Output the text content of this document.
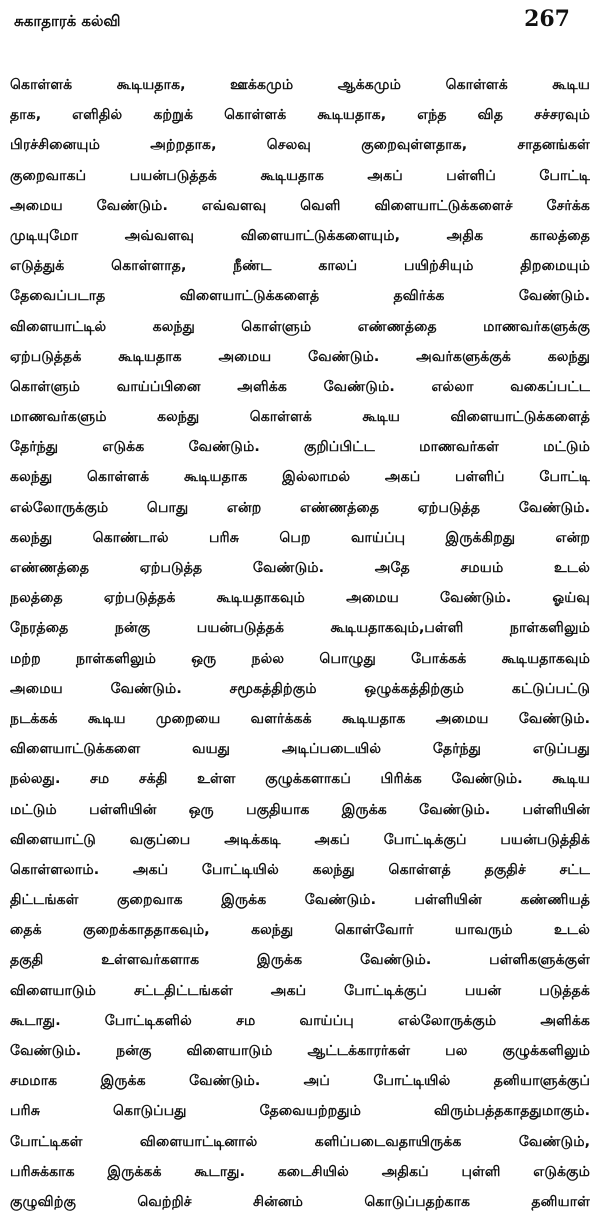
சுகாதாரக் கல்வி	267
கொள்ளக் கூடியதாக, ஊக்கமும் ஆக்கமும் கொள்ளக் கூடிய
தாக, எளிதில் கற்றுக் கொள்ளக் கூடியதாக, எந்த வித சச்சரவும்
பிரச்சினையும் அற்றதாக, செலவு குறைவுள்ளதாக, சாதனங்கள்
குறைவாகப் பயன்படுத்தக் கூடியதாக அகப் பள்ளிப் போட்டி
அமைய வேண்டும். எவ்வளவு வெளி விளையாட்டுக்களைச் சேர்க்க
முடியுமோ அவ்வளவு விளையாட்டுக்களையும், அதிக காலத்தை
எடுத்துக் கொள்ளாத, நீண்ட காலப் பயிற்சியும் திறமையும்
தேவைப்படாத விளையாட்டுக்களைத் தவிர்க்க வேண்டும்.
விளையாட்டில் கலந்து கொள்ளும் எண்ணத்தை மாணவர்களுக்கு
ஏற்படுத்தக் கூடியதாக அமைய வேண்டும். அவர்களுக்குக் கலந்து
கொள்ளும் வாய்ப்பினை அளிக்க வேண்டும். எல்லா வகைப்பட்ட
மாணவர்களும் கலந்து கொள்ளக் கூடிய விளையாட்டுக்களைத்
தேர்ந்து எடுக்க வேண்டும். குறிப்பிட்ட மாணவர்கள் மட்டும்
கலந்து கொள்ளக் கூடியதாக இல்லாமல் அகப் பள்ளிப் போட்டி
எல்லோருக்கும் பொது என்ற எண்ணத்தை ஏற்படுத்த வேண்டும்.
கலந்து கொண்டால் பரிசு பெற வாய்ப்பு இருக்கிறது என்ற
எண்ணத்தை ஏற்படுத்த வேண்டும். அதே சமயம் உடல்
நலத்தை ஏற்படுத்தக் கூடியதாகவும் அமைய வேண்டும். ஓய்வு
நேரத்தை நன்கு பயன்படுத்தக் கூடியதாகவும்,பள்ளி நாள்களிலும்
மற்ற நாள்களிலும் ஒரு நல்ல பொழுது போக்கக் கூடியதாகவும்
அமைய வேண்டும். சமூகத்திற்கும் ஒழுக்கத்திற்கும் கட்டுப்பட்டு
நடக்கக் கூடிய முறையை வளர்க்கக் கூடியதாக அமைய வேண்டும்.
விளையாட்டுக்களை வயது அடிப்படையில் தேர்ந்து எடுப்பது
நல்லது. சம சக்தி உள்ள குழுக்களாகப் பிரிக்க வேண்டும். கூடிய
மட்டும் பள்ளியின் ஒரு பகுதியாக இருக்க வேண்டும். பள்ளியின்
விளையாட்டு வகுப்பை அடிக்கடி அகப் போட்டிக்குப் பயன்படுத்திக்
கொள்ளலாம். அகப் போட்டியில் கலந்து கொள்ளத் தகுதிச் சட்ட
திட்டங்கள் குறைவாக இருக்க வேண்டும். பள்ளியின் கண்ணியத்
தைக் குறைக்காததாகவும், கலந்து கொள்வோர் யாவரும் உடல்
தகுதி உள்ளவர்களாக இருக்க வேண்டும். பள்ளிகளுக்குள்
விளையாடும் சட்டதிட்டங்கள் அகப் போட்டிக்குப் பயன் படுத்தக்
கூடாது. போட்டிகளில் சம வாய்ப்பு எல்லோருக்கும் அளிக்க
வேண்டும். நன்கு விளையாடும் ஆட்டக்காரர்கள் பல குழுக்களிலும்
சமமாக இருக்க வேண்டும். அப் போட்டியில் தனியாளுக்குப்
பரிசு கொடுப்பது தேவையற்றதும் விரும்பத்தகாததுமாகும்.
போட்டிகள் விளையாட்டினால் களிப்படைவதாயிருக்க வேண்டும்,
பரிசுக்காக இருக்கக் கூடாது. கடைசியில் அதிகப் புள்ளி எடுக்கும்
குழுவிற்கு வெற்றிச் சின்னம் கொடுப்பதற்காக தனியாள்
